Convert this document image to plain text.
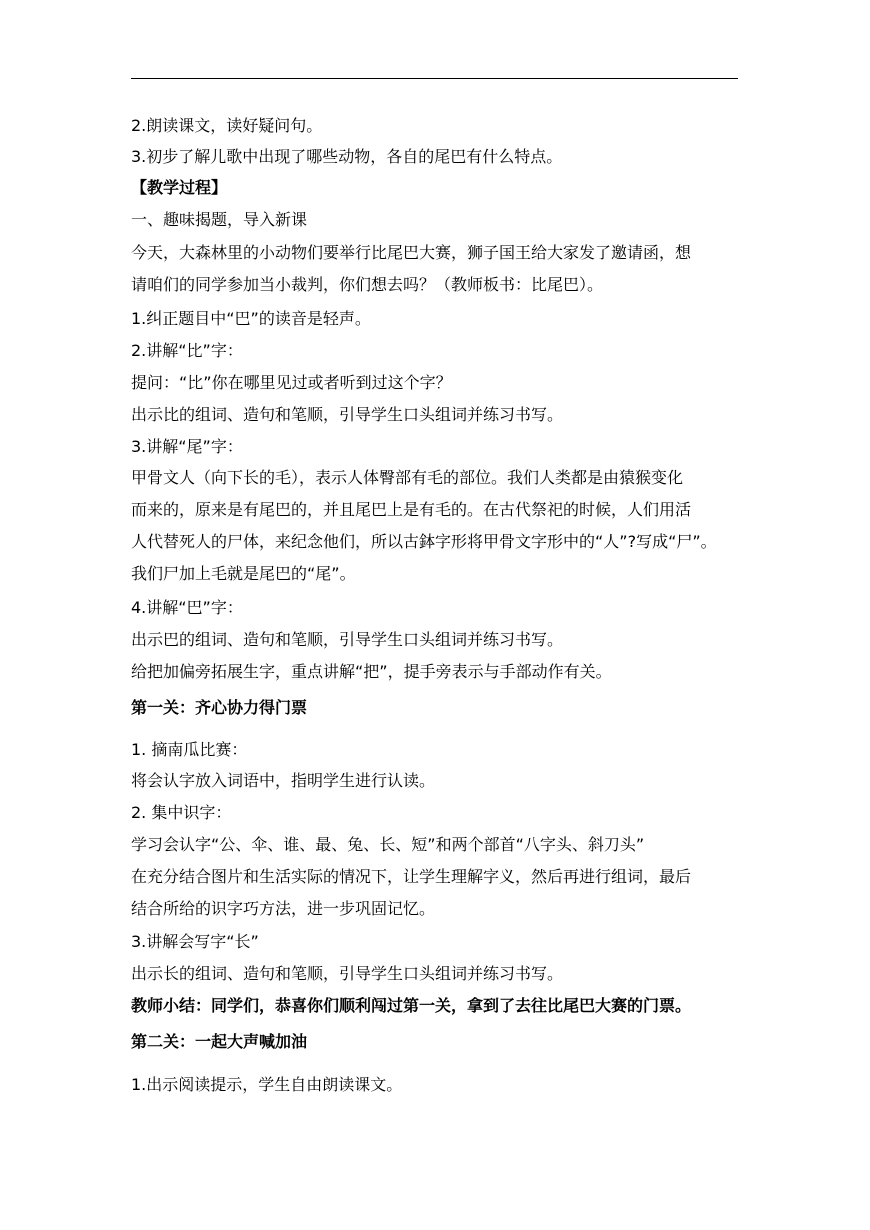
2.朗读课文，读好疑问句。
3.初步了解儿歌中出现了哪些动物，各自的尾巴有什么特点。
【教学过程】
一、趣味揭题，导入新课
今天，大森林里的小动物们要举行比尾巴大赛，狮子国王给大家发了邀请函，想
请咱们的同学参加当小裁判，你们想去吗？（教师板书：比尾巴）。
1.纠正题目中“巴”的读音是轻声。
2.讲解“比”字：
提问：“比”你在哪里见过或者听到过这个字？
出示比的组词、造句和笔顺，引导学生口头组词并练习书写。
3.讲解“尾”字：
甲骨文人（向下长的毛），表示人体臀部有毛的部位。我们人类都是由猿猴变化
而来的，原来是有尾巴的，并且尾巴上是有毛的。在古代祭祀的时候，人们用活
人代替死人的尸体，来纪念他们，所以古鉢字形将甲骨文字形中的“人”?写成“尸”。
我们尸加上毛就是尾巴的“尾”。
4.讲解“巴”字：
出示巴的组词、造句和笔顺，引导学生口头组词并练习书写。
给把加偏旁拓展生字，重点讲解“把”，提手旁表示与手部动作有关。
第一关：齐心协力得门票
1. 摘南瓜比赛：
将会认字放入词语中，指明学生进行认读。
2. 集中识字：
学习会认字“公、伞、谁、最、兔、长、短”和两个部首“八字头、斜刀头”
在充分结合图片和生活实际的情况下，让学生理解字义，然后再进行组词，最后
结合所给的识字巧方法，进一步巩固记忆。
3.讲解会写字“长”
出示长的组词、造句和笔顺，引导学生口头组词并练习书写。
教师小结：同学们，恭喜你们顺利闯过第一关，拿到了去往比尾巴大赛的门票。
第二关：一起大声喊加油
1.出示阅读提示，学生自由朗读课文。
